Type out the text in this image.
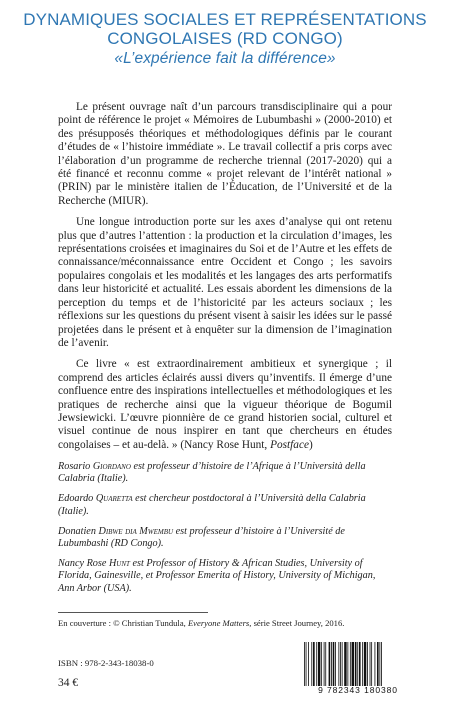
DYNAMIQUES SOCIALES ET REPRÉSENTATIONS
CONGOLAISES (RD CONGO)
«L’expérience fait la différence»

Le présent ouvrage naît d’un parcours transdisciplinaire qui a pour point de référence le projet « Mémoires de Lubumbashi » (2000-2010) et des présupposés théoriques et méthodologiques définis par le courant d’études de « l’histoire immédiate ». Le travail collectif a pris corps avec l’élaboration d’un programme de recherche triennal (2017-2020) qui a été financé et reconnu comme « projet relevant de l’intérêt national » (PRIN) par le ministère italien de l’Éducation, de l’Université et de la Recherche (MIUR).

Une longue introduction porte sur les axes d’analyse qui ont retenu plus que d’autres l’attention : la production et la circulation d’images, les représentations croisées et imaginaires du Soi et de l’Autre et les effets de connaissance/méconnaissance entre Occident et Congo ; les savoirs populaires congolais et les modalités et les langages des arts performatifs dans leur historicité et actualité. Les essais abordent les dimensions de la perception du temps et de l’historicité par les acteurs sociaux ; les réflexions sur les questions du présent visent à saisir les idées sur le passé projetées dans le présent et à enquêter sur la dimension de l’imagination de l’avenir.

Ce livre « est extraordinairement ambitieux et synergique ; il comprend des articles éclairés aussi divers qu’inventifs. Il émerge d’une confluence entre des inspirations intellectuelles et méthodologiques et les pratiques de recherche ainsi que la vigueur théorique de Bogumil Jewsiewicki. L’œuvre pionnière de ce grand historien social, culturel et visuel continue de nous inspirer en tant que chercheurs en études congolaises – et au-delà. » (Nancy Rose Hunt, Postface)

Rosario Giordano est professeur d’histoire de l’Afrique à l’Università della Calabria (Italie).

Edoardo Quaretta est chercheur postdoctoral à l’Università della Calabria (Italie).

Donatien Dibwe dia Mwembu est professeur d’histoire à l’Université de Lubumbashi (RD Congo).

Nancy Rose Hunt est Professor of History & African Studies, University of Florida, Gainesville, et Professor Emerita of History, University of Michigan, Ann Arbor (USA).

En couverture : © Christian Tundula, Everyone Matters, série Street Journey, 2016.
ISBN : 978-2-343-18038-0
34 €
9 782343 180380
